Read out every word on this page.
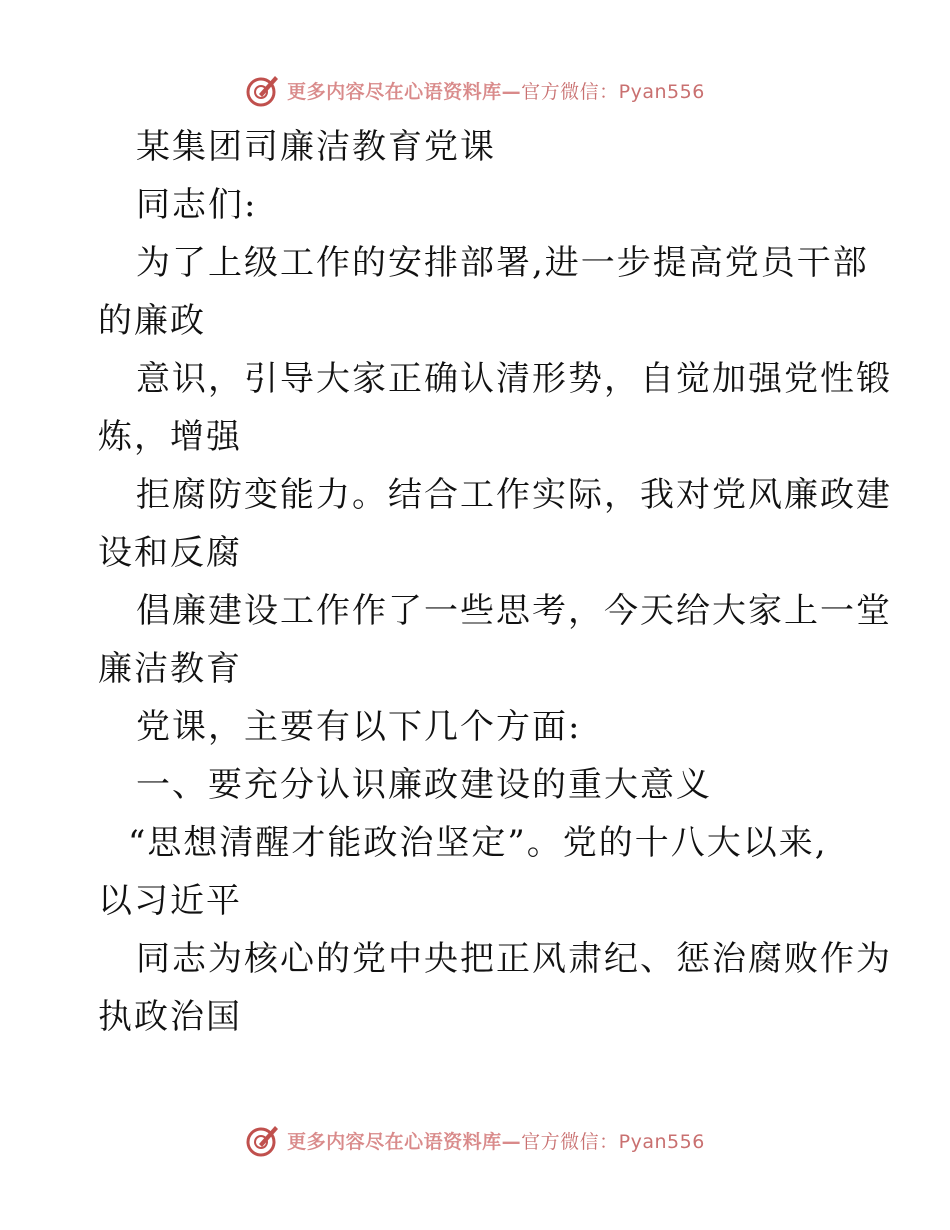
更多内容尽在心语资料库—官方微信：Pyan556
某集团司廉洁教育党课
同志们:
为了上级工作的安排部署,进一步提高党员干部
的廉政
意识，引导大家正确认清形势，自觉加强党性锻
炼，增强
拒腐防变能力。结合工作实际，我对党风廉政建
设和反腐
倡廉建设工作作了一些思考，今天给大家上一堂
廉洁教育
党课，主要有以下几个方面:
一、要充分认识廉政建设的重大意义
“思想清醒才能政治坚定”。党的十八大以来,
以习近平
同志为核心的党中央把正风肃纪、惩治腐败作为
执政治国
更多内容尽在心语资料库—官方微信：Pyan556
